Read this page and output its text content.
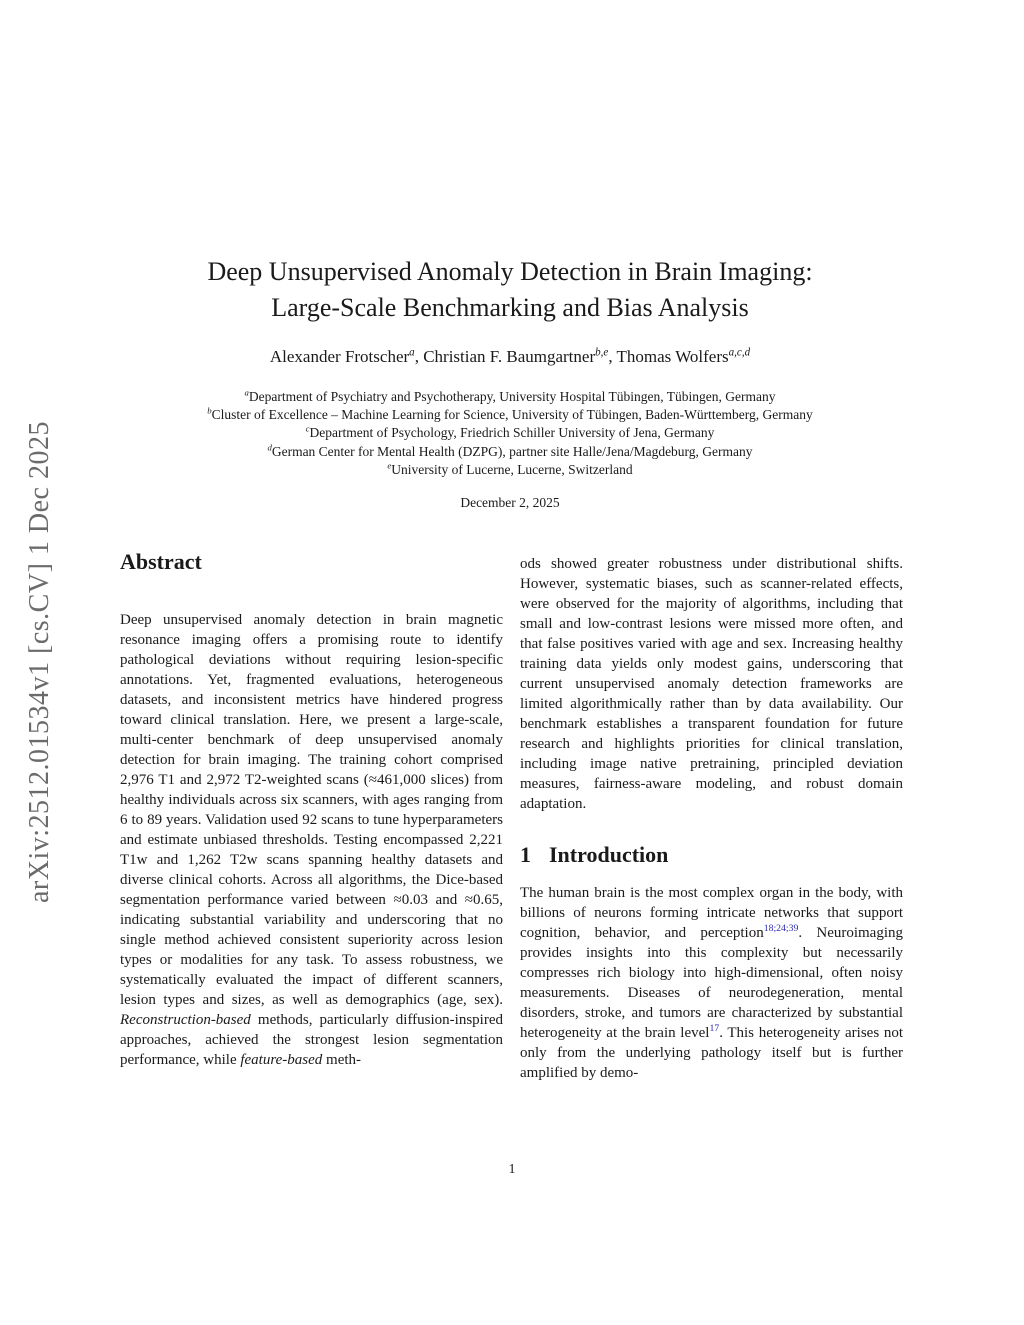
arXiv:2512.01534v1 [cs.CV] 1 Dec 2025
Deep Unsupervised Anomaly Detection in Brain Imaging:
Large-Scale Benchmarking and Bias Analysis
Alexander Frotscher$^a$, Christian F. Baumgartner$^{b,e}$, Thomas Wolfers$^{a,c,d}$
$^a$Department of Psychiatry and Psychotherapy, University Hospital Tübingen, Tübingen, Germany
$^b$Cluster of Excellence – Machine Learning for Science, University of Tübingen, Baden-Württemberg, Germany
$^c$Department of Psychology, Friedrich Schiller University of Jena, Germany
$^d$German Center for Mental Health (DZPG), partner site Halle/Jena/Magdeburg, Germany
$^e$University of Lucerne, Lucerne, Switzerland
December 2, 2025
Abstract

Deep unsupervised anomaly detection in brain magnetic resonance imaging offers a promising route to identify pathological deviations without requiring lesion-specific annotations. Yet, fragmented evaluations, heterogeneous datasets, and inconsistent metrics have hindered progress toward clinical translation. Here, we present a large-scale, multi-center benchmark of deep unsupervised anomaly detection for brain imaging. The training cohort comprised 2,976 T1 and 2,972 T2-weighted scans (≈461,000 slices) from healthy individuals across six scanners, with ages ranging from 6 to 89 years. Validation used 92 scans to tune hyperparameters and estimate unbiased thresholds. Testing encompassed 2,221 T1w and 1,262 T2w scans spanning healthy datasets and diverse clinical cohorts. Across all algorithms, the Dice-based segmentation performance varied between ≈0.03 and ≈0.65, indicating substantial variability and underscoring that no single method achieved consistent superiority across lesion types or modalities for any task. To assess robustness, we systematically evaluated the impact of different scanners, lesion types and sizes, as well as demographics (age, sex). Reconstruction-based methods, particularly diffusion-inspired approaches, achieved the strongest lesion segmentation performance, while feature-based meth-

ods showed greater robustness under distributional shifts. However, systematic biases, such as scanner-related effects, were observed for the majority of algorithms, including that small and low-contrast lesions were missed more often, and that false positives varied with age and sex. Increasing healthy training data yields only modest gains, underscoring that current unsupervised anomaly detection frameworks are limited algorithmically rather than by data availability. Our benchmark establishes a transparent foundation for future research and highlights priorities for clinical translation, including image native pretraining, principled deviation measures, fairness-aware modeling, and robust domain adaptation.

1 Introduction

The human brain is the most complex organ in the body, with billions of neurons forming intricate networks that support cognition, behavior, and perception$^{18;24;39}$. Neuroimaging provides insights into this complexity but necessarily compresses rich biology into high-dimensional, often noisy measurements. Diseases of neurodegeneration, mental disorders, stroke, and tumors are characterized by substantial heterogeneity at the brain level$^{17}$. This heterogeneity arises not only from the underlying pathology itself but is further amplified by demo-

1
